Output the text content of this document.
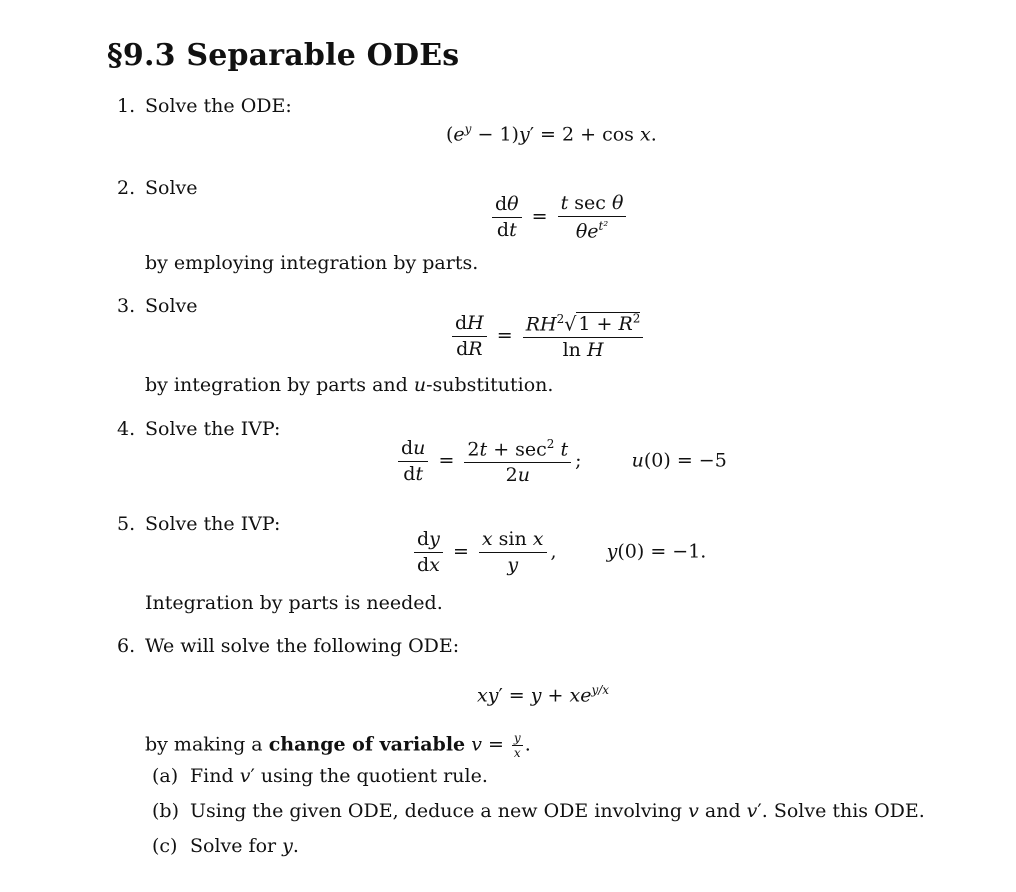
§9.3 Separable ODEs
1. Solve the ODE:
$(e^y - 1)y' = 2 + \cos x$.
2. Solve
$\frac{d\theta}{dt} = \frac{\text{t sec θ}}{\theta e^{t^2}}$
by employing integration by parts.
3. Solve
$\frac{dH}{dR} = \frac{RH^2√ 1 + R^2}{\text{ln H}}$
by integration by parts and u-substitution.
4. Solve the IVP:
$\frac{du}{dt} = \frac{2t + \sec^2 t}{2u}$ ;  u(0) = −5
5. Solve the IVP:
$\frac{dy}{dx} = \frac{\text{x sin x}}{y}$ ,  y(0) = −1.
Integration by parts is needed.
6. We will solve the following ODE:
$xy' = y + xe^{y/x}$
by making a change of variable $v = \frac{y}{x}$ .
(a) Find v′ using the quotient rule.
(b) Using the given ODE, deduce a new ODE involving v and v′. Solve this ODE.
(c) Solve for y.
